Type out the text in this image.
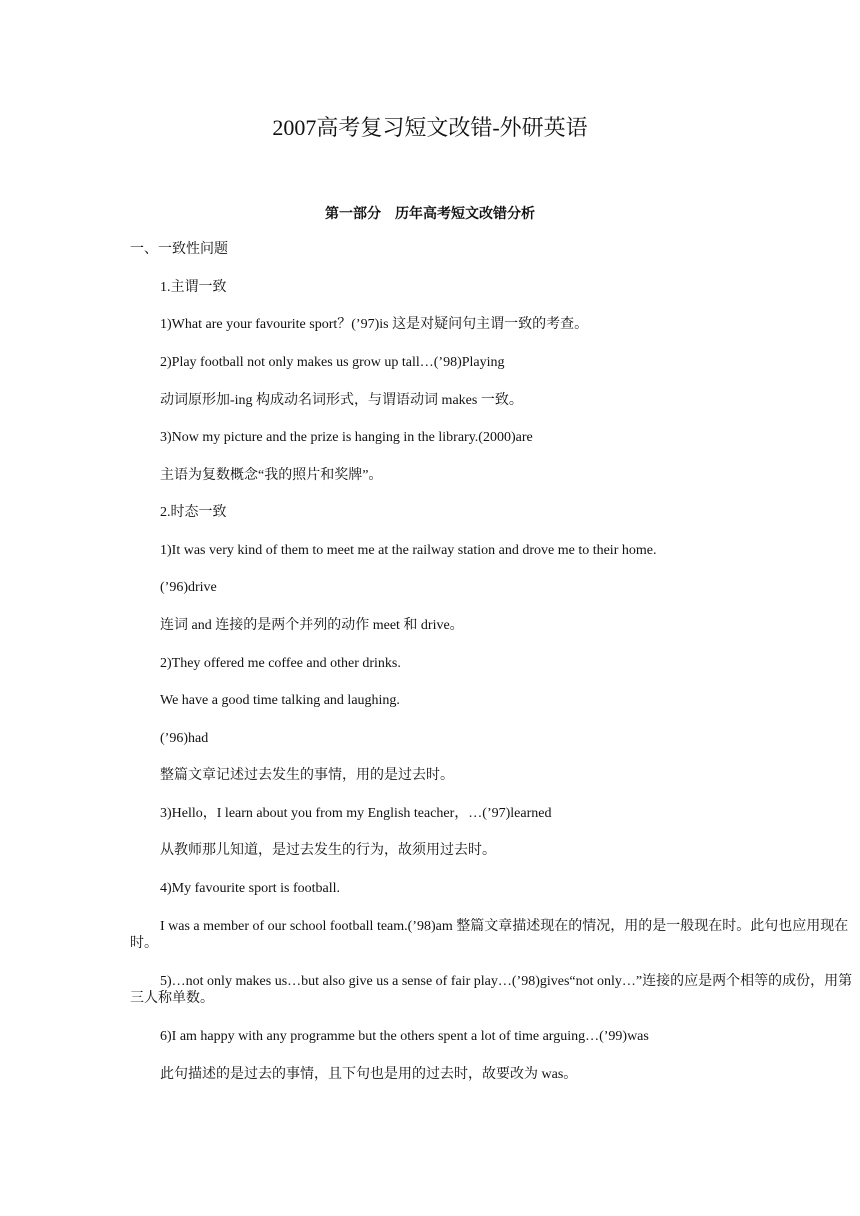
2007高考复习短文改错-外研英语
第一部分　历年高考短文改错分析
一、一致性问题
1.主谓一致
1)What are your favourite sport？(’97)is 这是对疑问句主谓一致的考查。
2)Play football not only makes us grow up tall…(’98)Playing
动词原形加-ing 构成动名词形式，与谓语动词 makes 一致。
3)Now my picture and the prize is hanging in the library.(2000)are
主语为复数概念“我的照片和奖牌”。
2.时态一致
1)It was very kind of them to meet me at the railway station and drove me to their home.
(’96)drive
连词 and 连接的是两个并列的动作 meet 和 drive。
2)They offered me coffee and other drinks.
We have a good time talking and laughing.
(’96)had
整篇文章记述过去发生的事情，用的是过去时。
3)Hello，I learn about you from my English teacher，…(’97)learned
从教师那儿知道，是过去发生的行为，故须用过去时。
4)My favourite sport is football.
I was a member of our school football team.(’98)am 整篇文章描述现在的情况，用的是一般现在时。此句也应用现在时。
5)…not only makes us…but also give us a sense of fair play…(’98)gives“not only…”连接的应是两个相等的成份，用第三人称单数。
6)I am happy with any programme but the others spent a lot of time arguing…(’99)was
此句描述的是过去的事情，且下句也是用的过去时，故要改为 was。
